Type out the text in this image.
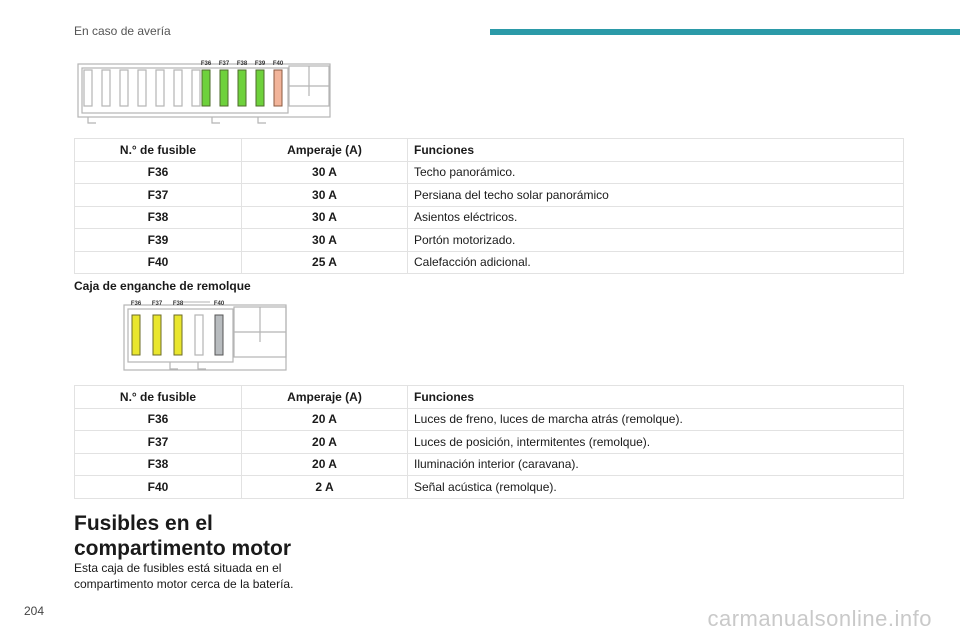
En caso de avería
F36 F37 F38 F39 F40
N.° de fusible	Amperaje (A)	Funciones
F36	30 A	Techo panorámico.
F37	30 A	Persiana del techo solar panorámico
F38	30 A	Asientos eléctricos.
F39	30 A	Portón motorizado.
F40	25 A	Calefacción adicional.
Caja de enganche de remolque
F36 F37 F38	F40
N.° de fusible	Amperaje (A)	Funciones
F36	20 A	Luces de freno, luces de marcha atrás (remolque).
F37	20 A	Luces de posición, intermitentes (remolque).
F38	20 A	Iluminación interior (caravana).
F40	2 A	Señal acústica (remolque).
Fusibles en el compartimento motor
Esta caja de fusibles está situada en el compartimento motor cerca de la batería.
204	carmanualsonline.info
